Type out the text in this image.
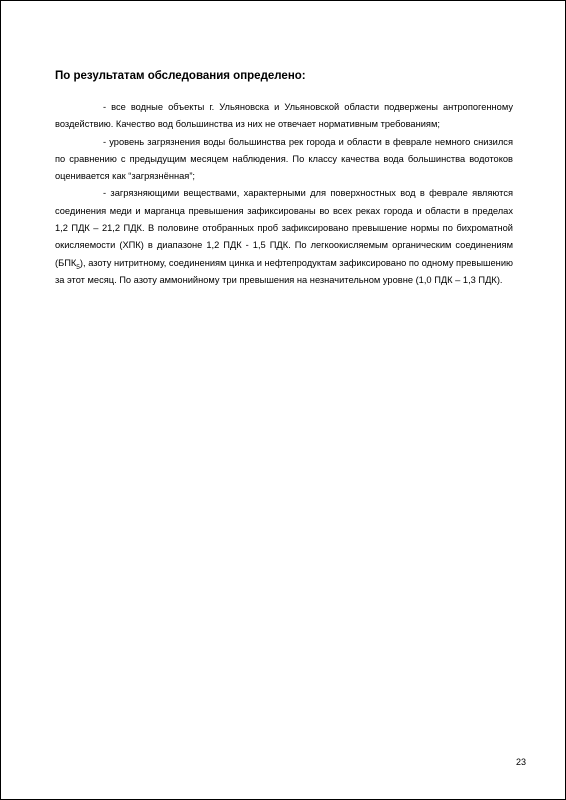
По результатам обследования определено:

- все водные объекты г. Ульяновска и Ульяновской области подвержены антропогенному воздействию. Качество вод большинства из них не отвечает нормативным требованиям;

- уровень загрязнения воды большинства рек города и области в феврале немного снизился по сравнению с предыдущим месяцем наблюдения. По классу качества вода большинства водотоков оценивается как “загрязнённая”;

- загрязняющими веществами, характерными для поверхностных вод в феврале являются соединения меди и марганца превышения зафиксированы во всех реках города и области в пределах 1,2 ПДК – 21,2 ПДК. В половине отобранных проб зафиксировано превышение нормы по бихроматной окисляемости (ХПК) в диапазоне 1,2 ПДК - 1,5 ПДК. По легкоокисляемым органическим соединениям $(БПК_5)$, азоту нитритному, соединениям цинка и нефтепродуктам зафиксировано по одному превышению за этот месяц. По азоту аммонийному три превышения на незначительном уровне (1,0 ПДК – 1,3 ПДК).

23
